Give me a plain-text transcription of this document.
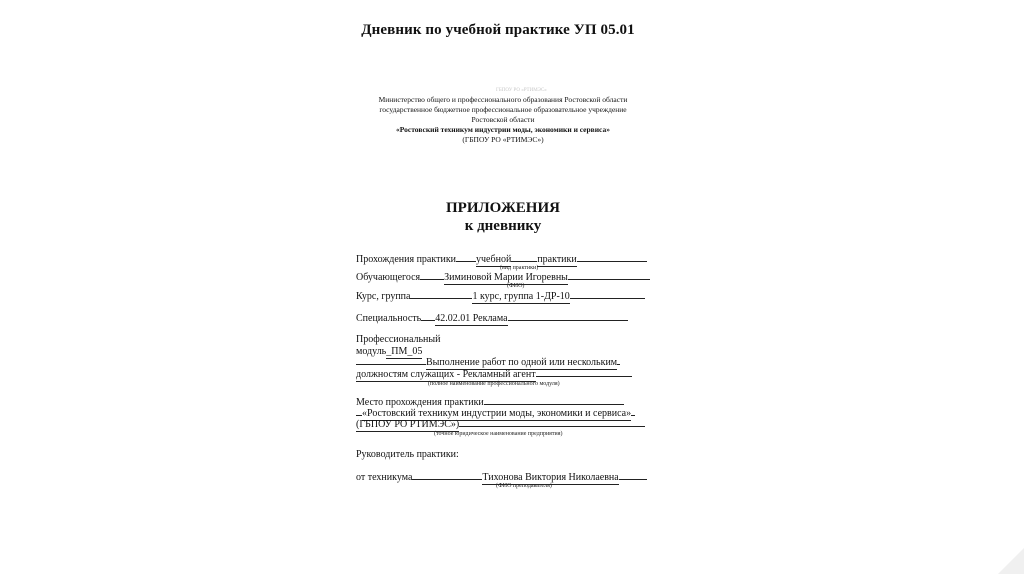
Дневник по учебной практике УП 05.01
ГБПОУ РО «РТИМЭС»
Министерство общего и профессионального образования Ростовской области
государственное бюджетное профессиональное образовательное учреждение
Ростовской области
«Ростовский техникум индустрии моды, экономики и сервиса»
(ГБПОУ РО «РТИМЭС»)
ПРИЛОЖЕНИЯ
к дневнику
Прохождения практики учебной	практики
(вид практики)
Обучающегося Зиминовой Марии Игоревны
(ФИО)
Курс, группа	1 курс, группа 1-ДР-10
Специальность 42.02.01 Реклама
Профессиональный
модуль_ПМ_05
Выполнение работ по одной или нескольким
должностям служащих - Рекламный агент
(полное наименование профессионального модуля)
Место прохождения практики
«Ростовский техникум индустрии моды, экономики и сервиса»
(ГБПОУ РО РТИМЭС»)
(точное юридическое наименование предприятия)
Руководитель практики:
от техникума	Тихонова Виктория Николаевна
(ФИО преподавателя)
